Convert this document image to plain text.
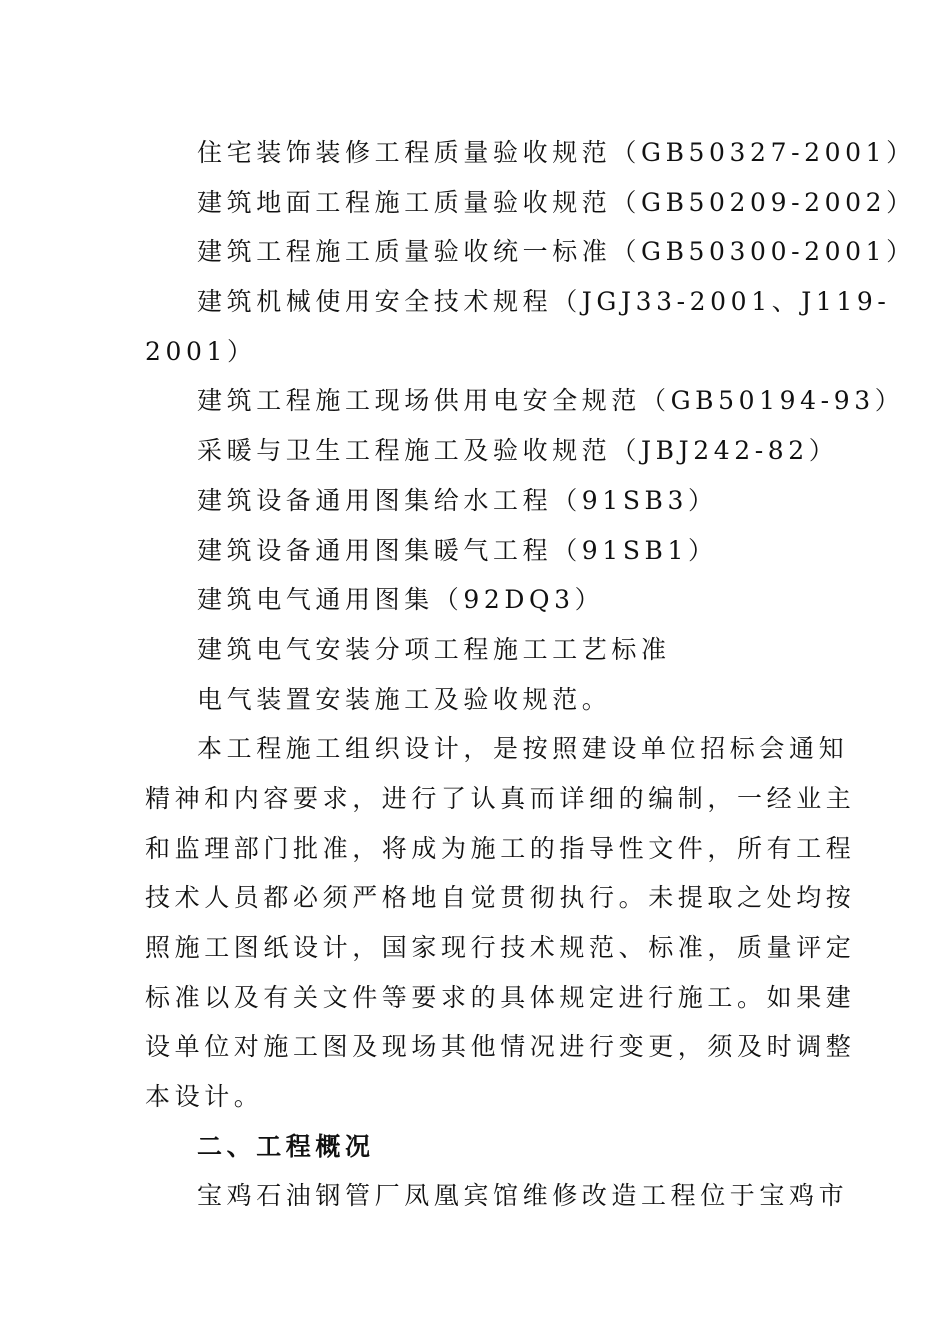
住宅装饰装修工程质量验收规范（GB50327-2001）
建筑地面工程施工质量验收规范（GB50209-2002）
建筑工程施工质量验收统一标准（GB50300-2001）
建筑机械使用安全技术规程（JGJ33-2001、J119-
2001）
建筑工程施工现场供用电安全规范（GB50194-93）
采暖与卫生工程施工及验收规范（JBJ242-82）
建筑设备通用图集给水工程（91SB3）
建筑设备通用图集暖气工程（91SB1）
建筑电气通用图集（92DQ3）
建筑电气安装分项工程施工工艺标准
电气装置安装施工及验收规范。
本工程施工组织设计，是按照建设单位招标会通知
精神和内容要求，进行了认真而详细的编制，一经业主
和监理部门批准，将成为施工的指导性文件，所有工程
技术人员都必须严格地自觉贯彻执行。未提取之处均按
照施工图纸设计，国家现行技术规范、标准，质量评定
标准以及有关文件等要求的具体规定进行施工。如果建
设单位对施工图及现场其他情况进行变更，须及时调整
本设计。
二、工程概况
宝鸡石油钢管厂凤凰宾馆维修改造工程位于宝鸡市
